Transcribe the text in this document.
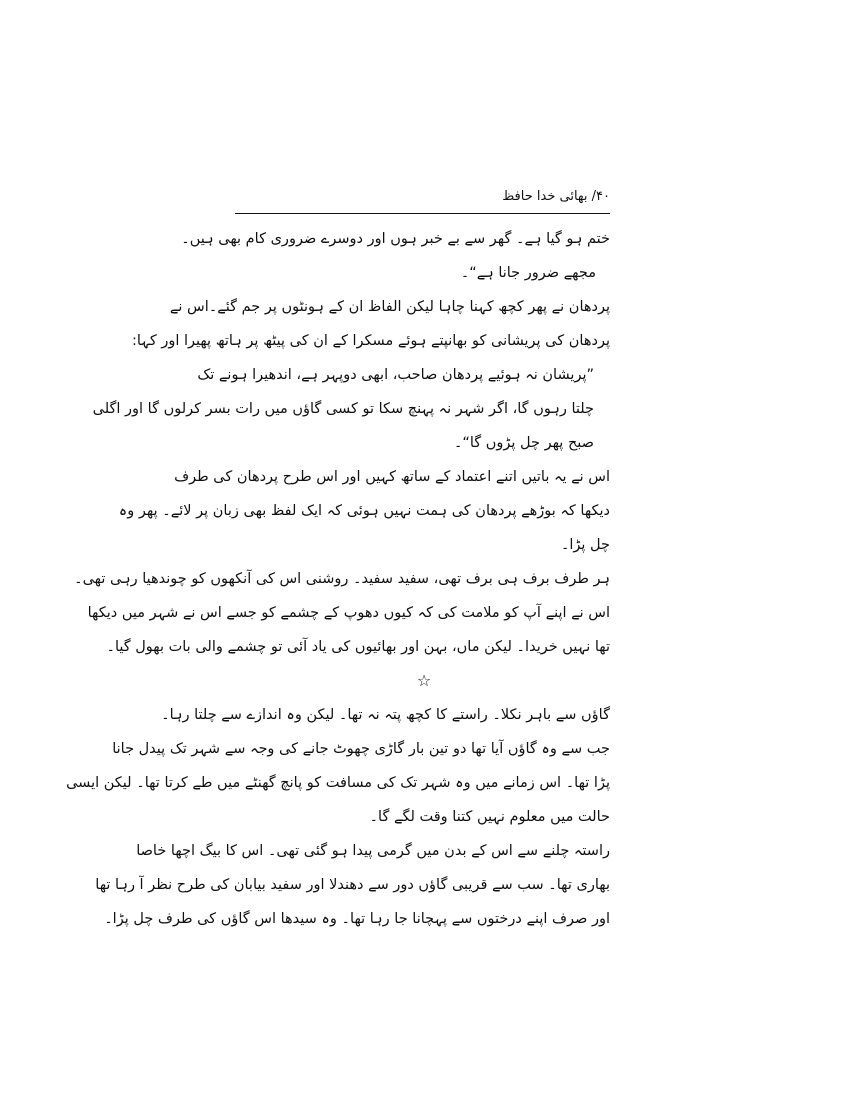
۴۰/ بھائی خدا حافظ
ختم ہو گیا ہے۔ گھر سے بے خبر ہوں اور دوسرے ضروری کام بھی ہیں۔
مجھے ضرور جانا ہے“۔
پردھان نے پھر کچھ کہنا چاہا لیکن الفاظ ان کے ہونٹوں پر جم گئے۔اس نے
پردھان کی پریشانی کو بھانپتے ہوئے مسکرا کے ان کی پیٹھ پر ہاتھ پھیرا اور کہا:
”پریشان نہ ہوئیے پردھان صاحب، ابھی دوپہر ہے، اندھیرا ہونے تک
چلتا رہوں گا، اگر شہر نہ پہنچ سکا تو کسی گاؤں میں رات بسر کرلوں گا اور اگلی
صبح پھر چل پڑوں گا“۔
اس نے یہ باتیں اتنے اعتماد کے ساتھ کہیں اور اس طرح پردھان کی طرف
دیکھا کہ بوڑھے پردھان کی ہمت نہیں ہوئی کہ ایک لفظ بھی زبان پر لائے۔ پھر وہ
چل پڑا۔
ہر طرف برف ہی برف تھی، سفید سفید۔ روشنی اس کی آنکھوں کو چوندھیا رہی تھی۔
اس نے اپنے آپ کو ملامت کی کہ کیوں دھوپ کے چشمے کو جسے اس نے شہر میں دیکھا
تھا نہیں خریدا۔ لیکن ماں، بہن اور بھائیوں کی یاد آئی تو چشمے والی بات بھول گیا۔
☆
گاؤں سے باہر نکلا۔ راستے کا کچھ پتہ نہ تھا۔ لیکن وہ اندازے سے چلتا رہا۔
جب سے وہ گاؤں آیا تھا دو تین بار گاڑی چھوٹ جانے کی وجہ سے شہر تک پیدل جانا
پڑا تھا۔ اس زمانے میں وہ شہر تک کی مسافت کو پانچ گھنٹے میں طے کرتا تھا۔ لیکن ایسی
حالت میں معلوم نہیں کتنا وقت لگے گا۔
راستہ چلنے سے اس کے بدن میں گرمی پیدا ہو گئی تھی۔ اس کا بیگ اچھا خاصا
بھاری تھا۔ سب سے قریبی گاؤں دور سے دھندلا اور سفید بیابان کی طرح نظر آ رہا تھا
اور صرف اپنے درختوں سے پہچانا جا رہا تھا۔ وہ سیدھا اس گاؤں کی طرف چل پڑا۔
